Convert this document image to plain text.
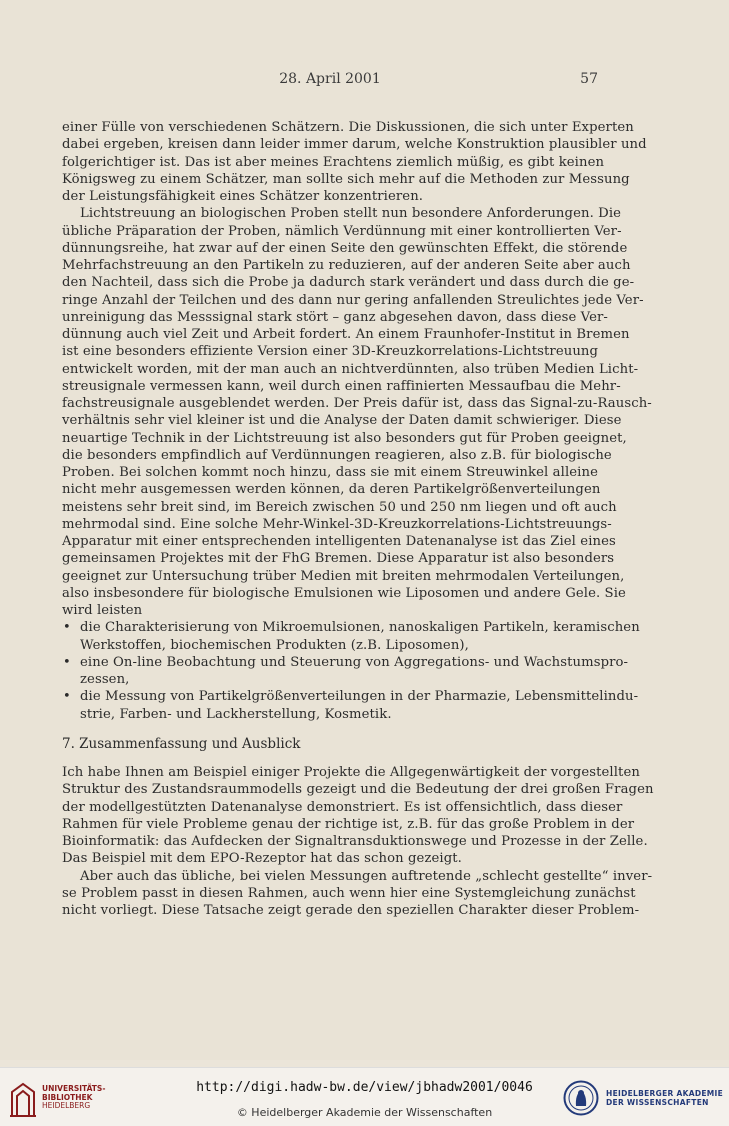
28. April 2001	57
einer Fülle von verschiedenen Schätzern. Die Diskussionen, die sich unter Experten
dabei ergeben, kreisen dann leider immer darum, welche Konstruktion plausibler und
folgerichtiger ist. Das ist aber meines Erachtens ziemlich müßig, es gibt keinen
Königsweg zu einem Schätzer, man sollte sich mehr auf die Methoden zur Messung
der Leistungsfähigkeit eines Schätzer konzentrieren.
Lichtstreuung an biologischen Proben stellt nun besondere Anforderungen. Die
übliche Präparation der Proben, nämlich Verdünnung mit einer kontrollierten Ver-
dünnungsreihe, hat zwar auf der einen Seite den gewünschten Effekt, die störende
Mehrfachstreuung an den Partikeln zu reduzieren, auf der anderen Seite aber auch
den Nachteil, dass sich die Probe ja dadurch stark verändert und dass durch die ge-
ringe Anzahl der Teilchen und des dann nur gering anfallenden Streulichtes jede Ver-
unreinigung das Messsignal stark stört – ganz abgesehen davon, dass diese Ver-
dünnung auch viel Zeit und Arbeit fordert. An einem Fraunhofer-Institut in Bremen
ist eine besonders effiziente Version einer 3D-Kreuzkorrelations-Lichtstreuung
entwickelt worden, mit der man auch an nichtverdünnten, also trüben Medien Licht-
streusignale vermessen kann, weil durch einen raffinierten Messaufbau die Mehr-
fachstreusignale ausgeblendet werden. Der Preis dafür ist, dass das Signal-zu-Rausch-
verhältnis sehr viel kleiner ist und die Analyse der Daten damit schwieriger. Diese
neuartige Technik in der Lichtstreuung ist also besonders gut für Proben geeignet,
die besonders empfindlich auf Verdünnungen reagieren, also z.B. für biologische
Proben. Bei solchen kommt noch hinzu, dass sie mit einem Streuwinkel alleine
nicht mehr ausgemessen werden können, da deren Partikelgrößenverteilungen
meistens sehr breit sind, im Bereich zwischen 50 und 250 nm liegen und oft auch
mehrmodal sind. Eine solche Mehr-Winkel-3D-Kreuzkorrelations-Lichtstreuungs-
Apparatur mit einer entsprechenden intelligenten Datenanalyse ist das Ziel eines
gemeinsamen Projektes mit der FhG Bremen. Diese Apparatur ist also besonders
geeignet zur Untersuchung trüber Medien mit breiten mehrmodalen Verteilungen,
also insbesondere für biologische Emulsionen wie Liposomen und andere Gele. Sie
wird leisten
• die Charakterisierung von Mikroemulsionen, nanoskaligen Partikeln, keramischen
Werkstoffen, biochemischen Produkten (z.B. Liposomen),
• eine On-line Beobachtung und Steuerung von Aggregations- und Wachstumspro-
zessen,
• die Messung von Partikelgrößenverteilungen in der Pharmazie, Lebensmittelindu-
strie, Farben- und Lackherstellung, Kosmetik.
7. Zusammenfassung und Ausblick
Ich habe Ihnen am Beispiel einiger Projekte die Allgegenwärtigkeit der vorgestellten
Struktur des Zustandsraummodells gezeigt und die Bedeutung der drei großen Fragen
der modellgestützten Datenanalyse demonstriert. Es ist offensichtlich, dass dieser
Rahmen für viele Probleme genau der richtige ist, z.B. für das große Problem in der
Bioinformatik: das Aufdecken der Signaltransduktionswege und Prozesse in der Zelle.
Das Beispiel mit dem EPO-Rezeptor hat das schon gezeigt.
Aber auch das übliche, bei vielen Messungen auftretende „schlecht gestellte“ inver-
se Problem passt in diesen Rahmen, auch wenn hier eine Systemgleichung zunächst
nicht vorliegt. Diese Tatsache zeigt gerade den speziellen Charakter dieser Problem-
UNIVERSITÄTS-
BIBLIOTHEK
HEIDELBERG
http://digi.hadw-bw.de/view/jbhadw2001/0046
© Heidelberger Akademie der Wissenschaften
HEIDELBERGER AKADEMIE
DER WISSENSCHAFTEN
